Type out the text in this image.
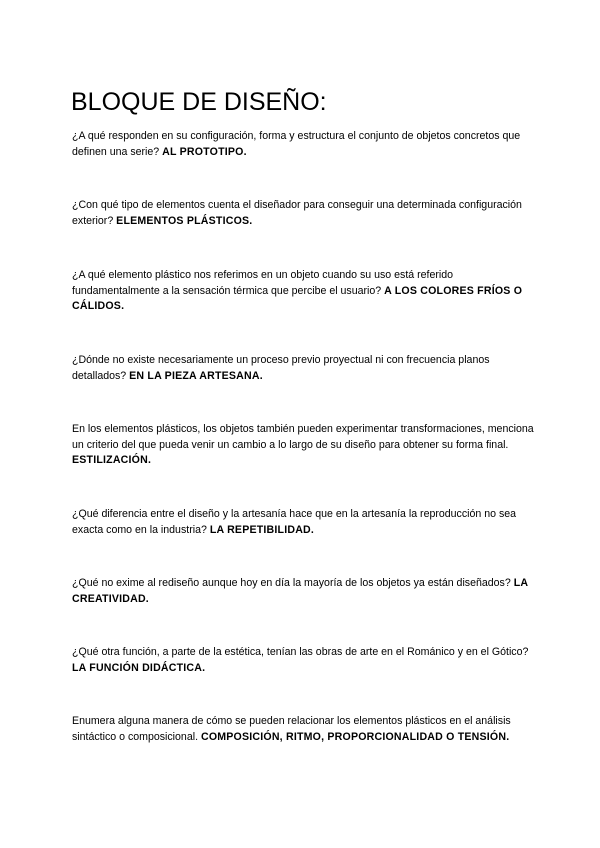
BLOQUE DE DISEÑO:

¿A qué responden en su configuración, forma y estructura el conjunto de objetos concretos que definen una serie? AL PROTOTIPO.

¿Con qué tipo de elementos cuenta el diseñador para conseguir una determinada configuración exterior? ELEMENTOS PLÁSTICOS.

¿A qué elemento plástico nos referimos en un objeto cuando su uso está referido fundamentalmente a la sensación térmica que percibe el usuario? A LOS COLORES FRÍOS O CÁLIDOS.

¿Dónde no existe necesariamente un proceso previo proyectual ni con frecuencia planos detallados? EN LA PIEZA ARTESANA.

En los elementos plásticos, los objetos también pueden experimentar transformaciones, menciona un criterio del que pueda venir un cambio a lo largo de su diseño para obtener su forma final. ESTILIZACIÓN.

¿Qué diferencia entre el diseño y la artesanía hace que en la artesanía la reproducción no sea exacta como en la industria? LA REPETIBILIDAD.

¿Qué no exime al rediseño aunque hoy en día la mayoría de los objetos ya están diseñados? LA CREATIVIDAD.

¿Qué otra función, a parte de la estética, tenían las obras de arte en el Románico y en el Gótico? LA FUNCIÓN DIDÁCTICA.

Enumera alguna manera de cómo se pueden relacionar los elementos plásticos en el análisis sintáctico o composicional. COMPOSICIÓN, RITMO, PROPORCIONALIDAD O TENSIÓN.
